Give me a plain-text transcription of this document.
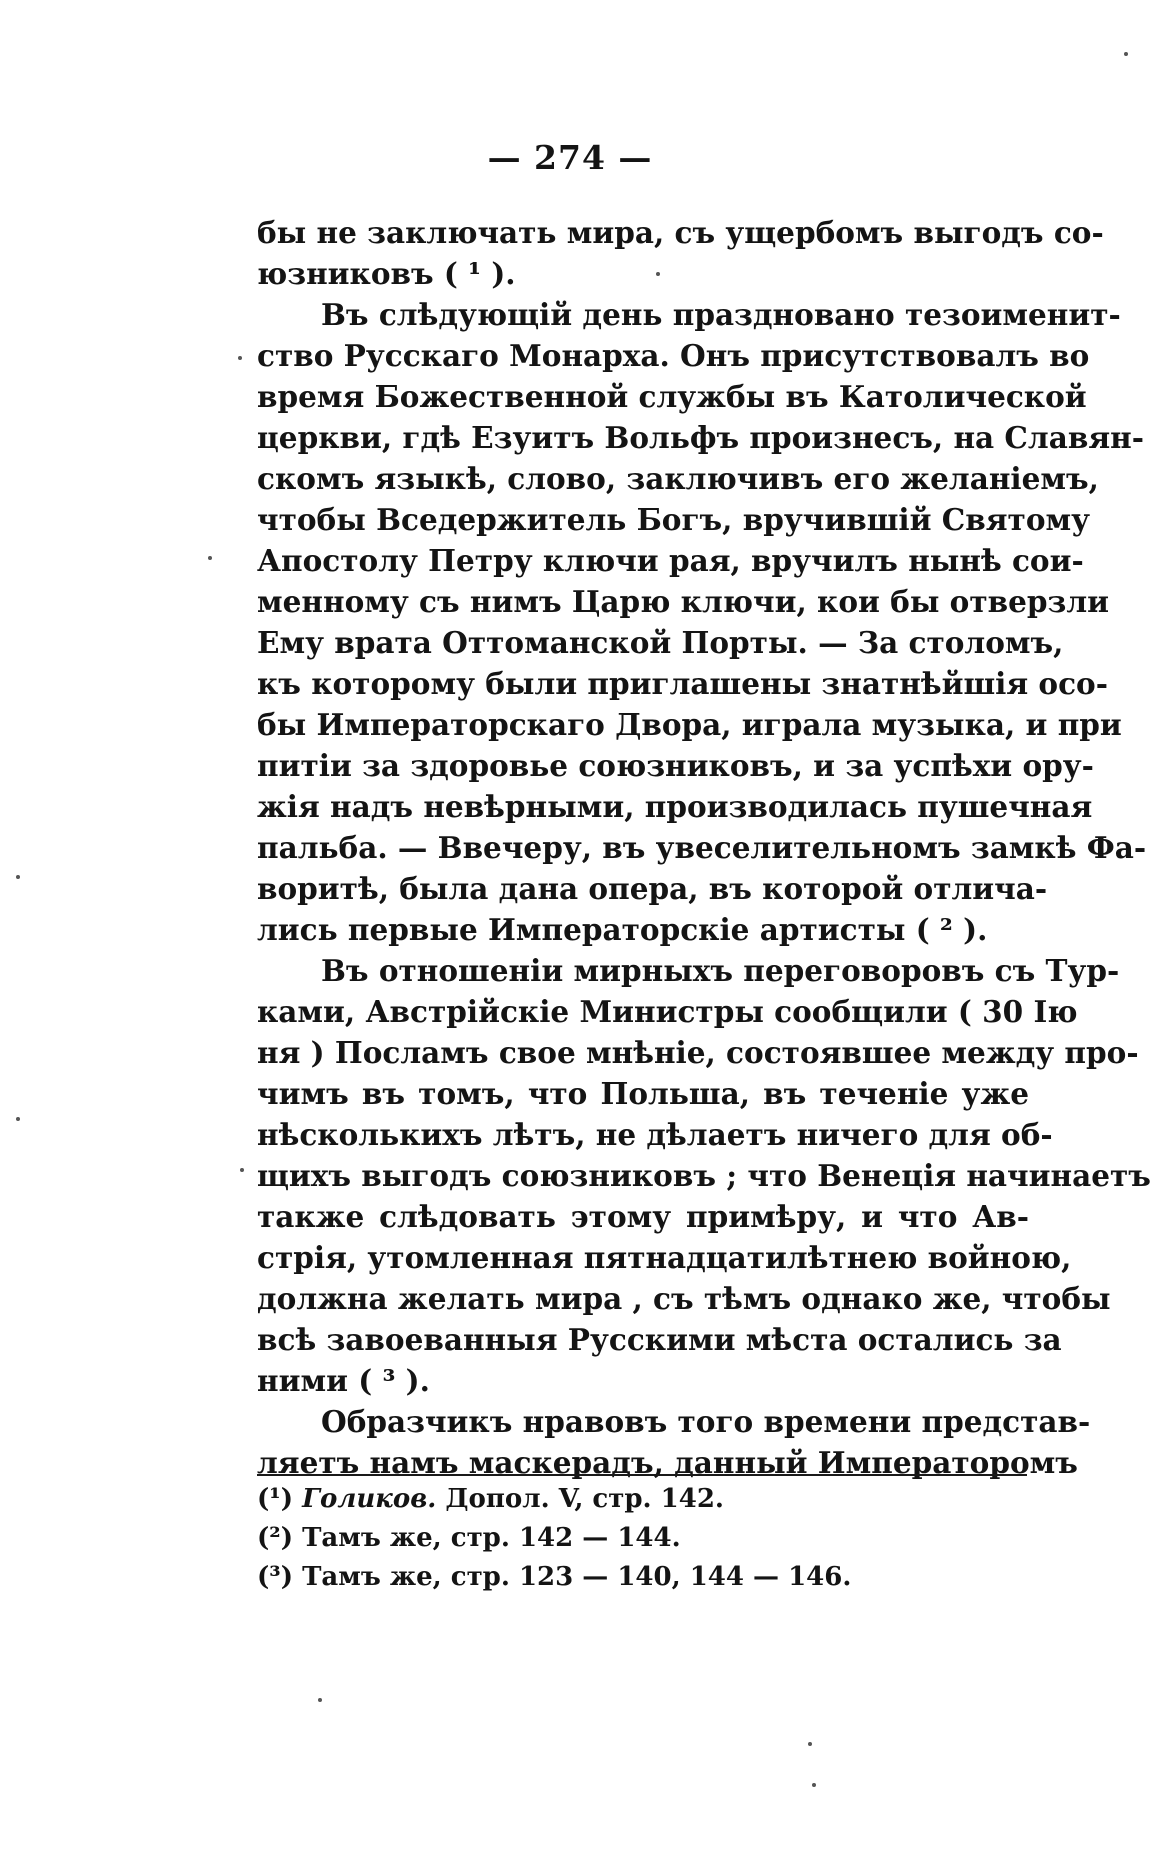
— 274 —
бы не заключать мира, съ ущербомъ выгодъ со-
юзниковъ ( ¹ ).
Въ слѣдующій день праздновано тезоименит-
ство Русскаго Монарха. Онъ присутствовалъ во
время Божественной службы въ Католической
церкви, гдѣ Езуитъ Вольфъ произнесъ, на Славян-
скомъ языкѣ, слово, заключивъ его желаніемъ,
чтобы Вседержитель Богъ, вручившій Святому
Апостолу Петру ключи рая, вручилъ нынѣ сои-
менному съ нимъ Царю ключи, кои бы отверзли
Ему врата Оттоманской Порты. — За столомъ,
къ которому были приглашены знатнѣйшія осо-
бы Императорскаго Двора, играла музыка, и при
питіи за здоровье союзниковъ, и за успѣхи ору-
жія надъ невѣрными, производилась пушечная
пальба. — Ввечеру, въ увеселительномъ замкѣ Фа-
воритѣ, была дана опера, въ которой отлича-
лись первые Императорскіе артисты ( ² ).
Въ отношеніи мирныхъ переговоровъ съ Тур-
ками, Австрійскіе Министры сообщили ( 30 Ію
ня ) Посламъ свое мнѣніе, состоявшее между про-
чимъ въ томъ, что Польша, въ теченіе уже
нѣсколькихъ лѣтъ, не дѣлаетъ ничего для об-
щихъ выгодъ союзниковъ ; что Венеція начинаетъ
также слѣдовать этому примѣру, и что Ав-
стрія, утомленная пятнадцатилѣтнею войною,
должна желать мира , съ тѣмъ однако же, чтобы
всѣ завоеванныя Русскими мѣста остались за
ними ( ³ ).
Образчикъ нравовъ того времени представ-
ляетъ намъ маскерадъ, данный Императоромъ
(¹) Голиков. Допол. V, стр. 142.
(²) Тамъ же, стр. 142 — 144.
(³) Тамъ же, стр. 123 — 140, 144 — 146.
